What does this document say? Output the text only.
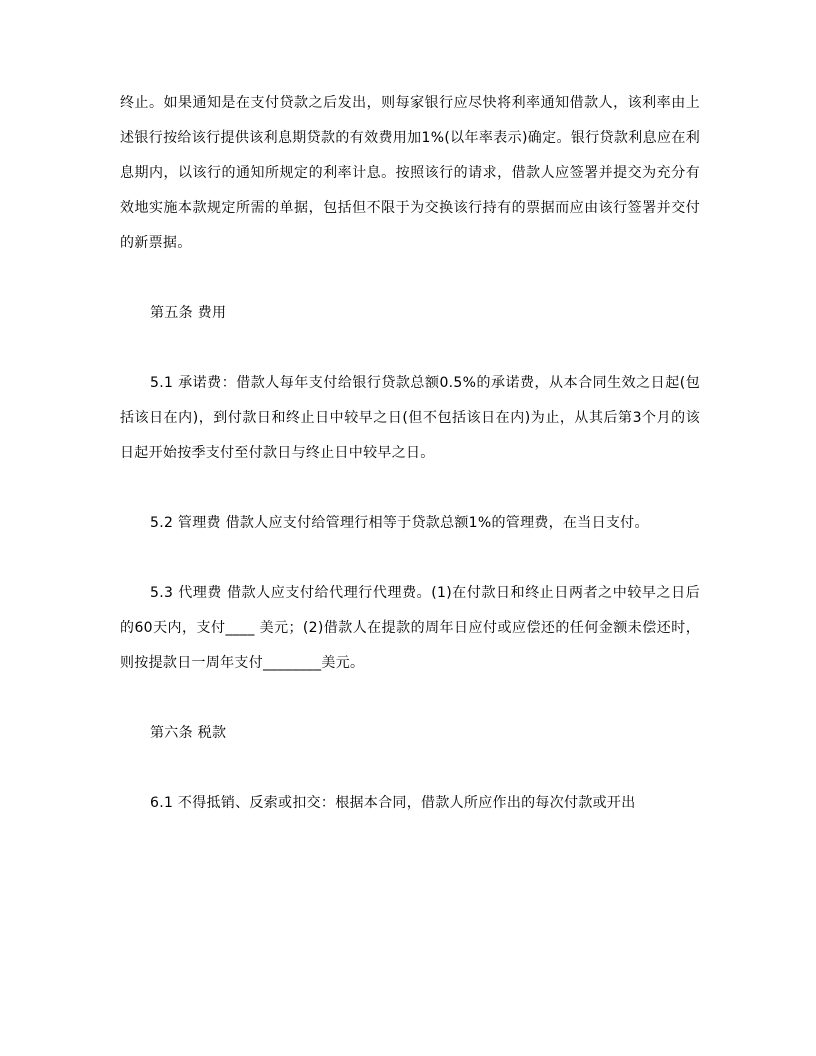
终止。如果通知是在支付贷款之后发出，则每家银行应尽快将利率通知借款人，该利率由上述银行按给该行提供该利息期贷款的有效费用加1%(以年率表示)确定。银行贷款利息应在利息期内，以该行的通知所规定的利率计息。按照该行的请求，借款人应签署并提交为充分有效地实施本款规定所需的单据，包括但不限于为交换该行持有的票据而应由该行签署并交付的新票据。

第五条 费用

5.1 承诺费：借款人每年支付给银行贷款总额0.5%的承诺费，从本合同生效之日起(包括该日在内)，到付款日和终止日中较早之日(但不包括该日在内)为止，从其后第3个月的该日起开始按季支付至付款日与终止日中较早之日。

5.2 管理费 借款人应支付给管理行相等于贷款总额1%的管理费，在当日支付。

5.3 代理费 借款人应支付给代理行代理费。(1)在付款日和终止日两者之中较早之日后的60天内，支付____ 美元；(2)借款人在提款的周年日应付或应偿还的任何金额未偿还时，则按提款日一周年支付________美元。

第六条 税款

6.1 不得抵销、反索或扣交：根据本合同，借款人所应作出的每次付款或开出
